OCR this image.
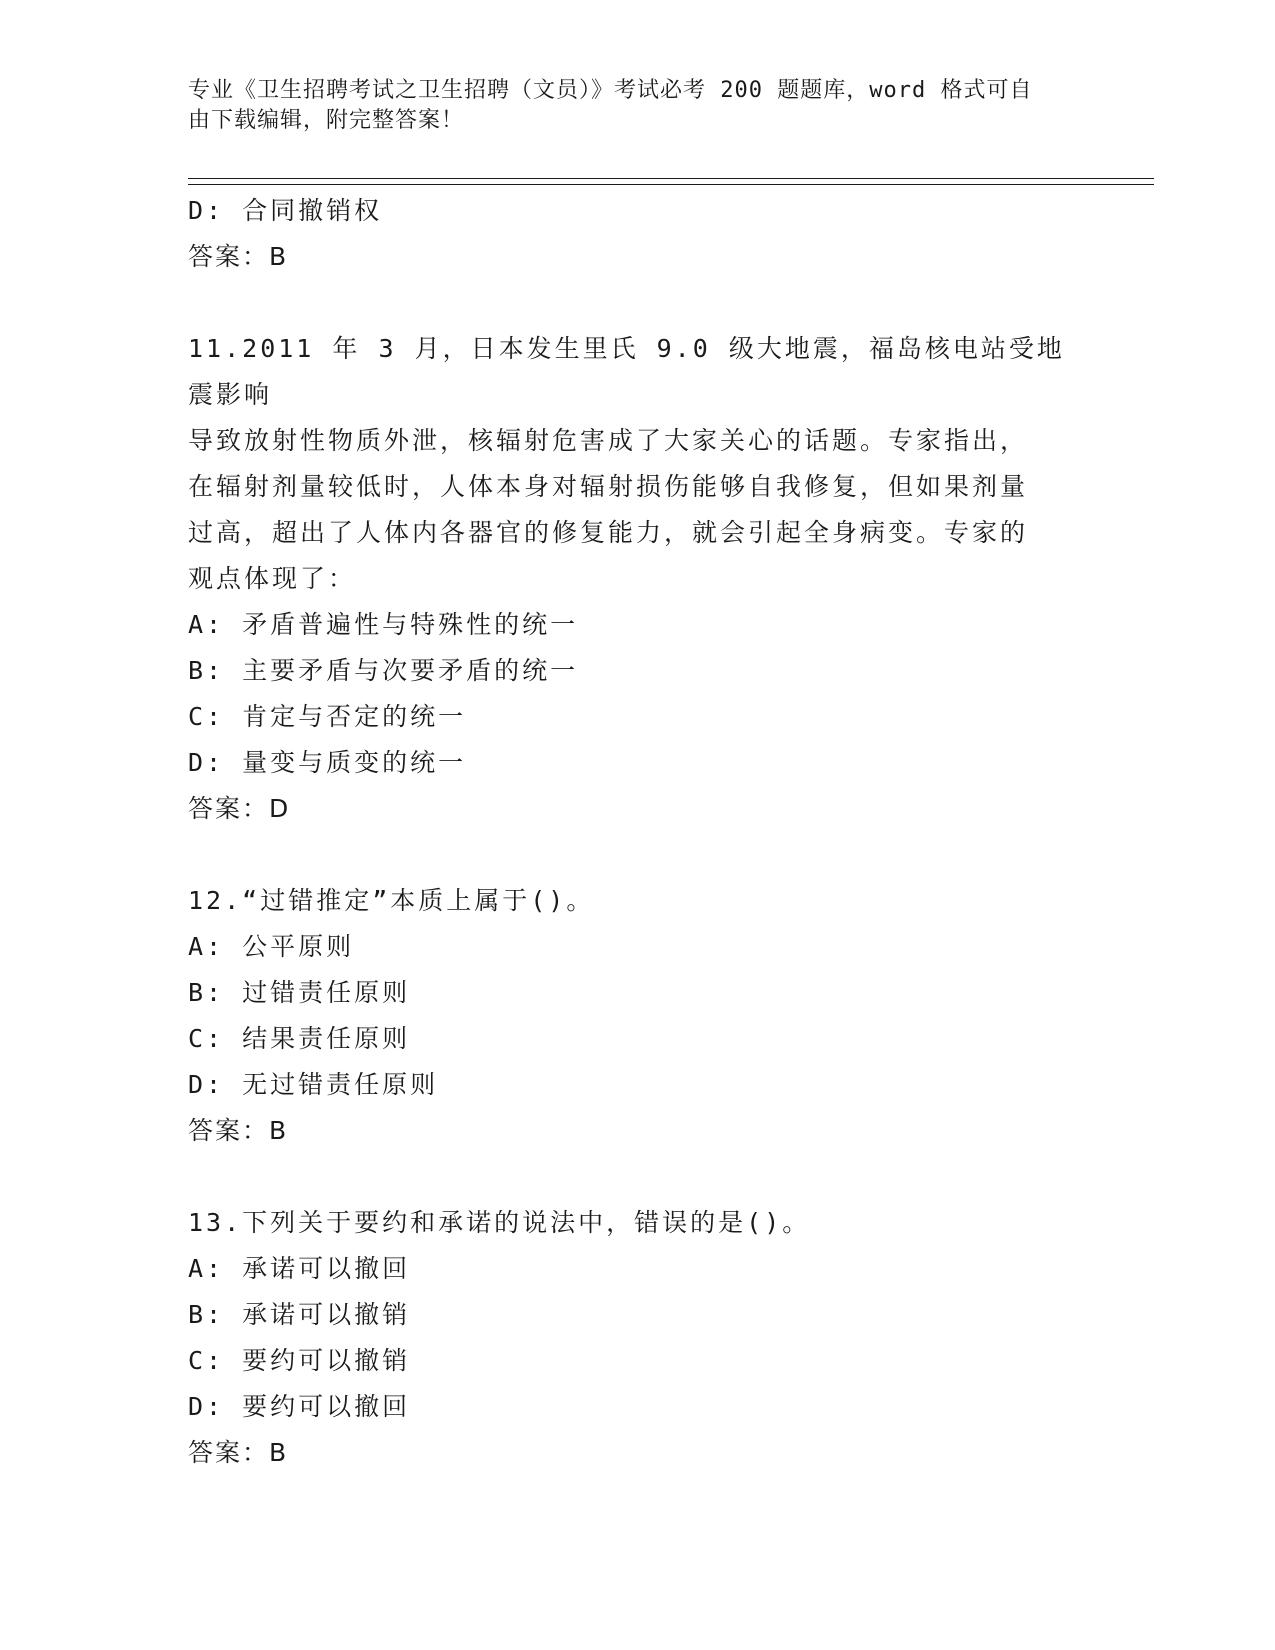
专业《卫生招聘考试之卫生招聘（文员）》考试必考 200 题题库，word 格式可自
由下载编辑，附完整答案！
D: 合同撤销权
答案：B
11.2011 年 3 月，日本发生里氏 9.0 级大地震，福岛核电站受地震影响
导致放射性物质外泄，核辐射危害成了大家关心的话题。专家指出，
在辐射剂量较低时，人体本身对辐射损伤能够自我修复，但如果剂量
过高，超出了人体内各器官的修复能力，就会引起全身病变。专家的
观点体现了：
A: 矛盾普遍性与特殊性的统一
B: 主要矛盾与次要矛盾的统一
C: 肯定与否定的统一
D: 量变与质变的统一
答案：D
12.“过错推定”本质上属于()。
A: 公平原则
B: 过错责任原则
C: 结果责任原则
D: 无过错责任原则
答案：B
13.下列关于要约和承诺的说法中，错误的是()。
A: 承诺可以撤回
B: 承诺可以撤销
C: 要约可以撤销
D: 要约可以撤回
答案：B
